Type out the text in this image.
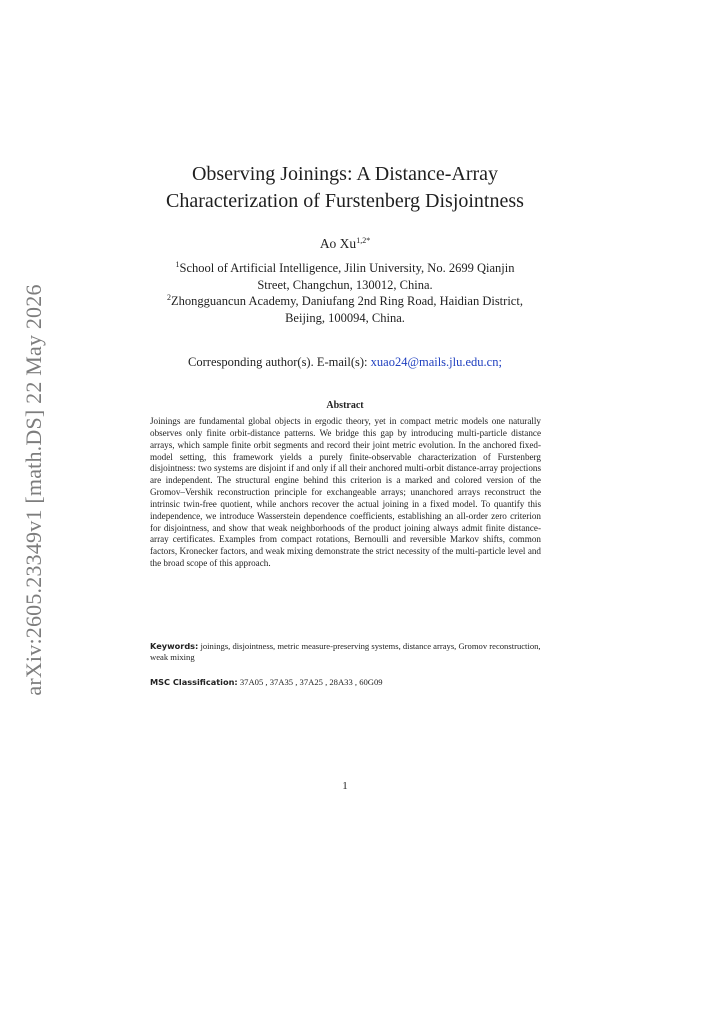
arXiv:2605.23349v1 [math.DS] 22 May 2026
Observing Joinings: A Distance-Array
Characterization of Furstenberg Disjointness
Ao $Xu^{1,2*}$
$^1$School of Artificial Intelligence, Jilin University, No. 2699 Qianjin
Street, Changchun, 130012, China.
$^2$Zhongguancun Academy, Daniufang 2nd Ring Road, Haidian District,
Beijing, 100094, China.
Corresponding author(s). E-mail(s): xuao24@mails.jlu.edu.cn;
Abstract

Joinings are fundamental global objects in ergodic theory, yet in compact metric models one naturally observes only finite orbit-distance patterns. We bridge this gap by introducing multi-particle distance arrays, which sample finite orbit segments and record their joint metric evolution. In the anchored fixed-model setting, this framework yields a purely finite-observable characterization of Furstenberg disjointness: two systems are disjoint if and only if all their anchored multi-orbit distance-array projections are independent. The structural engine behind this criterion is a marked and colored version of the Gromov–Vershik reconstruction principle for exchangeable arrays; unanchored arrays reconstruct the intrinsic twin-free quotient, while anchors recover the actual joining in a fixed model. To quantify this independence, we introduce Wasserstein dependence coefficients, establishing an all-order zero criterion for disjointness, and show that weak neighborhoods of the product joining always admit finite distance-array certificates. Examples from compact rotations, Bernoulli and reversible Markov shifts, common factors, Kronecker factors, and weak mixing demonstrate the strict necessity of the multi-particle level and the broad scope of this approach.

Keywords: joinings, disjointness, metric measure-preserving systems, distance arrays, Gromov reconstruction, weak mixing

MSC Classification: 37A05 , 37A35 , 37A25 , 28A33 , 60G09

1
